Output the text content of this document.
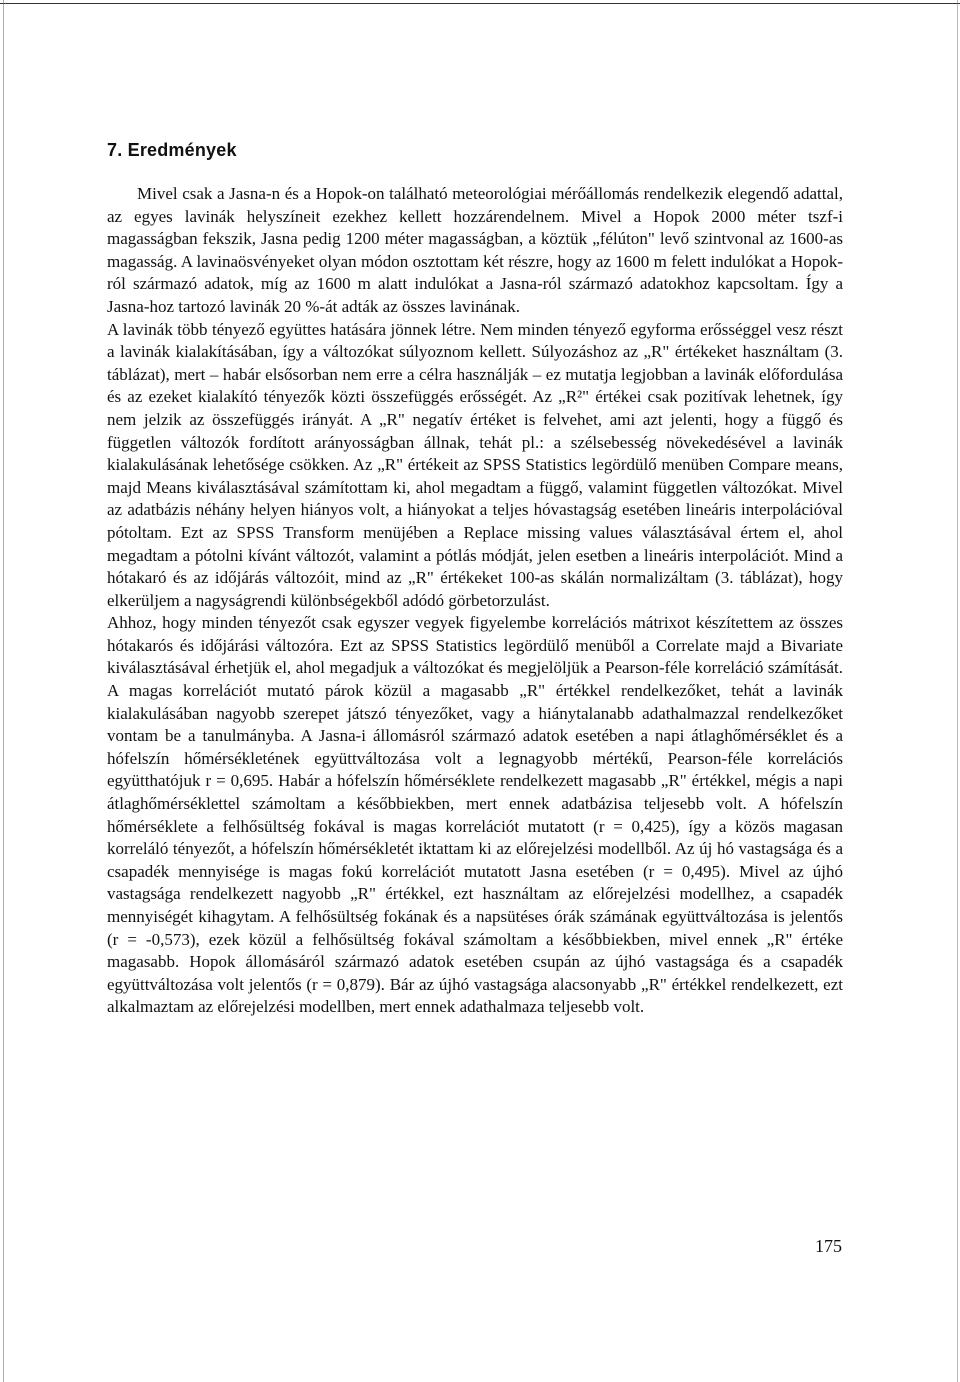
7. Eredmények

Mivel csak a Jasna-n és a Hopok-on található meteorológiai mérőállomás rendelkezik elegendő adattal, az egyes lavinák helyszíneit ezekhez kellett hozzárendelnem. Mivel a Hopok 2000 méter tszf-i magasságban fekszik, Jasna pedig 1200 méter magasságban, a köztük „félúton" levő szintvonal az 1600-as magasság. A lavinaösvényeket olyan módon osztottam két részre, hogy az 1600 m felett indulókat a Hopok-ról származó adatok, míg az 1600 m alatt indulókat a Jasna-ról származó adatokhoz kapcsoltam. Így a Jasna-hoz tartozó lavinák 20 %-át adták az összes lavinának.

A lavinák több tényező együttes hatására jönnek létre. Nem minden tényező egyforma erősséggel vesz részt a lavinák kialakításában, így a változókat súlyoznom kellett. Súlyozáshoz az „R" értékeket használtam (3. táblázat), mert – habár elsősorban nem erre a célra használják – ez mutatja legjobban a lavinák előfordulása és az ezeket kialakító tényezők közti összefüggés erősségét. Az „R²" értékei csak pozitívak lehetnek, így nem jelzik az összefüggés irányát. A „R" negatív értéket is felvehet, ami azt jelenti, hogy a függő és független változók fordított arányosságban állnak, tehát pl.: a szélsebesség növekedésével a lavinák kialakulásának lehetősége csökken. Az „R" értékeit az SPSS Statistics legördülő menüben Compare means, majd Means kiválasztásával számítottam ki, ahol megadtam a függő, valamint független változókat. Mivel az adatbázis néhány helyen hiányos volt, a hiányokat a teljes hóvastagság esetében lineáris interpolációval pótoltam. Ezt az SPSS Transform menüjében a Replace missing values választásával értem el, ahol megadtam a pótolni kívánt változót, valamint a pótlás módját, jelen esetben a lineáris interpolációt. Mind a hótakaró és az időjárás változóit, mind az „R" értékeket 100-as skálán normalizáltam (3. táblázat), hogy elkerüljem a nagyságrendi különbségekből adódó görbetorzulást.

Ahhoz, hogy minden tényezőt csak egyszer vegyek figyelembe korrelációs mátrixot készítettem az összes hótakarós és időjárási változóra. Ezt az SPSS Statistics legördülő menüből a Correlate majd a Bivariate kiválasztásával érhetjük el, ahol megadjuk a változókat és megjelöljük a Pearson-féle korreláció számítását. A magas korrelációt mutató párok közül a magasabb „R" értékkel rendelkezőket, tehát a lavinák kialakulásában nagyobb szerepet játszó tényezőket, vagy a hiánytalanabb adathalmazzal rendelkezőket vontam be a tanulmányba. A Jasna-i állomásról származó adatok esetében a napi átlaghőmérséklet és a hófelszín hőmérsékletének együttváltozása volt a legnagyobb mértékű, Pearson-féle korrelációs együtthatójuk r = 0,695. Habár a hófelszín hőmérséklete rendelkezett magasabb „R" értékkel, mégis a napi átlaghőmérséklettel számoltam a későbbiekben, mert ennek adatbázisa teljesebb volt. A hófelszín hőmérséklete a felhősültség fokával is magas korrelációt mutatott (r = 0,425), így a közös magasan korreláló tényezőt, a hófelszín hőmérsékletét iktattam ki az előrejelzési modellből. Az új hó vastagsága és a csapadék mennyisége is magas fokú korrelációt mutatott Jasna esetében (r = 0,495). Mivel az újhó vastagsága rendelkezett nagyobb „R" értékkel, ezt használtam az előrejelzési modellhez, a csapadék mennyiségét kihagytam. A felhősültség fokának és a napsütéses órák számának együttváltozása is jelentős (r = -0,573), ezek közül a felhősültség fokával számoltam a későbbiekben, mivel ennek „R" értéke magasabb. Hopok állomásáról származó adatok esetében csupán az újhó vastagsága és a csapadék együttváltozása volt jelentős (r = 0,879). Bár az újhó vastagsága alacsonyabb „R" értékkel rendelkezett, ezt alkalmaztam az előrejelzési modellben, mert ennek adathalmaza teljesebb volt.

175
